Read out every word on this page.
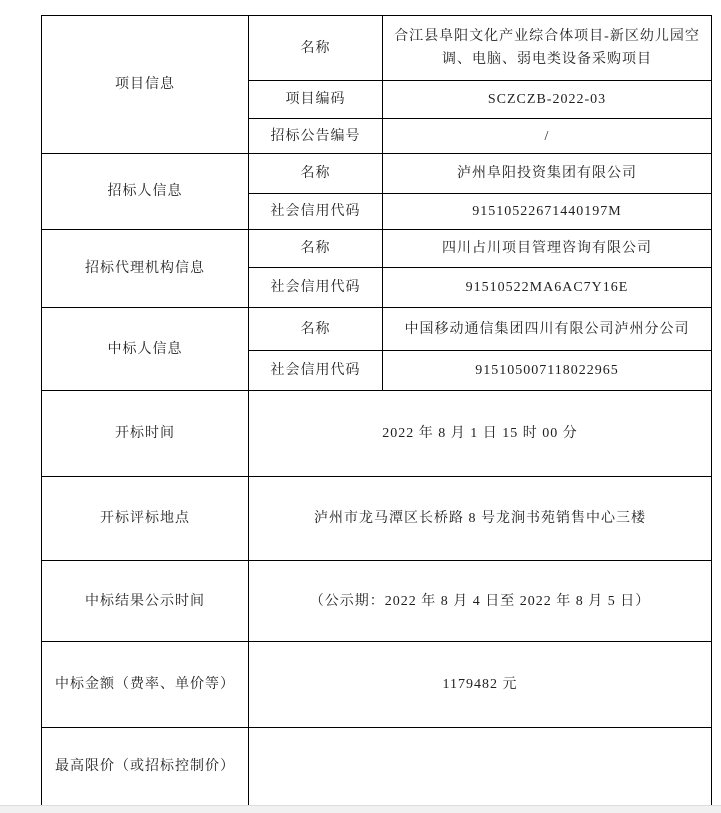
项目信息	名称	合江县阜阳文化产业综合体项目-新区幼儿园空调、电脑、弱电类设备采购项目
	项目编码	SCZCZB-2022-03
	招标公告编号	/
招标人信息	名称	泸州阜阳投资集团有限公司
	社会信用代码	91510522671440197M
招标代理机构信息	名称	四川占川项目管理咨询有限公司
	社会信用代码	91510522MA6AC7Y16E
中标人信息	名称	中国移动通信集团四川有限公司泸州分公司
	社会信用代码	915105007118022965
开标时间	2022 年 8 月 1 日 15 时 00 分	
开标评标地点	泸州市龙马潭区长桥路 8 号龙涧书苑销售中心三楼	
中标结果公示时间	（公示期：2022 年 8 月 4 日至 2022 年 8 月 5 日）	
中标金额（费率、单价等）	1179482 元	
最高限价（或招标控制价）		
